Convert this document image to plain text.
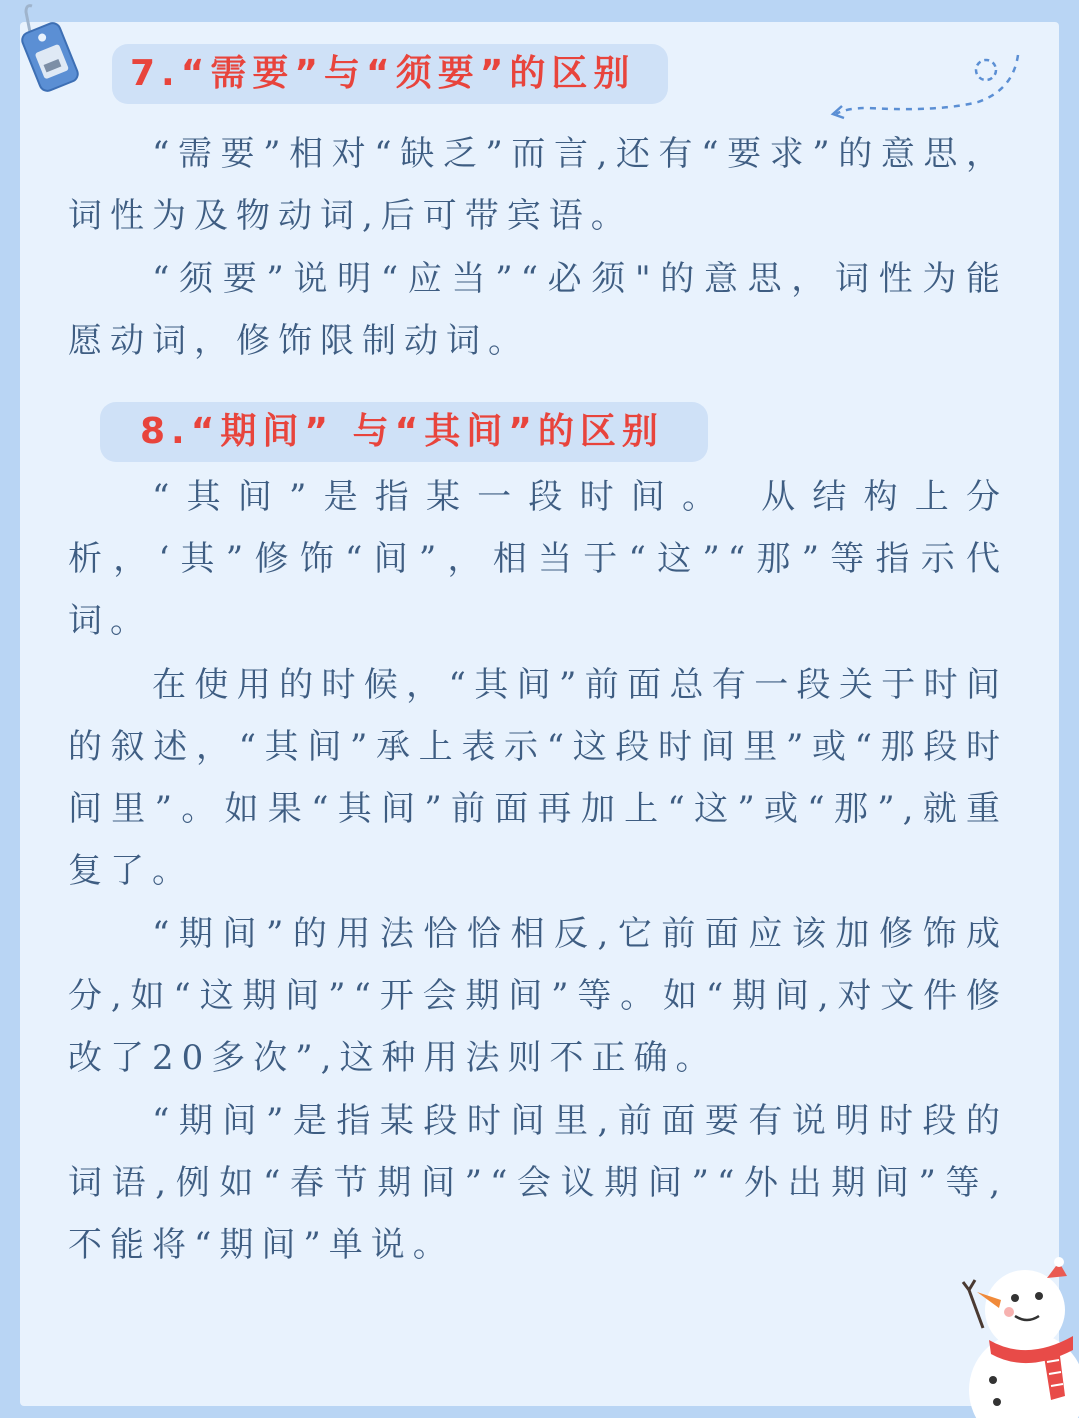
7.“需要”与“须要”的区别

“需要”相对“缺乏”而言,还有“要求”的意思，词性为及物动词,后可带宾语。

“须要”说明“应当”“必须"的意思，词性为能愿动词，修饰限制动词。

8.“期间” 与“其间”的区别

“其间”是指某一段时间。 从结构上分析，‘其”修饰“间”，相当于“这”“那”等指示代词。

在使用的时候，“其间”前面总有一段关于时间的叙述，“其间”承上表示“这段时间里”或“那段时间里”。如果“其间”前面再加上“这”或“那”,就重复了。

“期间”的用法恰恰相反,它前面应该加修饰成分,如“这期间”“开会期间”等。如“期间,对文件修改了20多次”,这种用法则不正确。

“期间”是指某段时间里,前面要有说明时段的词语,例如“春节期间”“会议期间”“外出期间”等,不能将“期间”单说。
